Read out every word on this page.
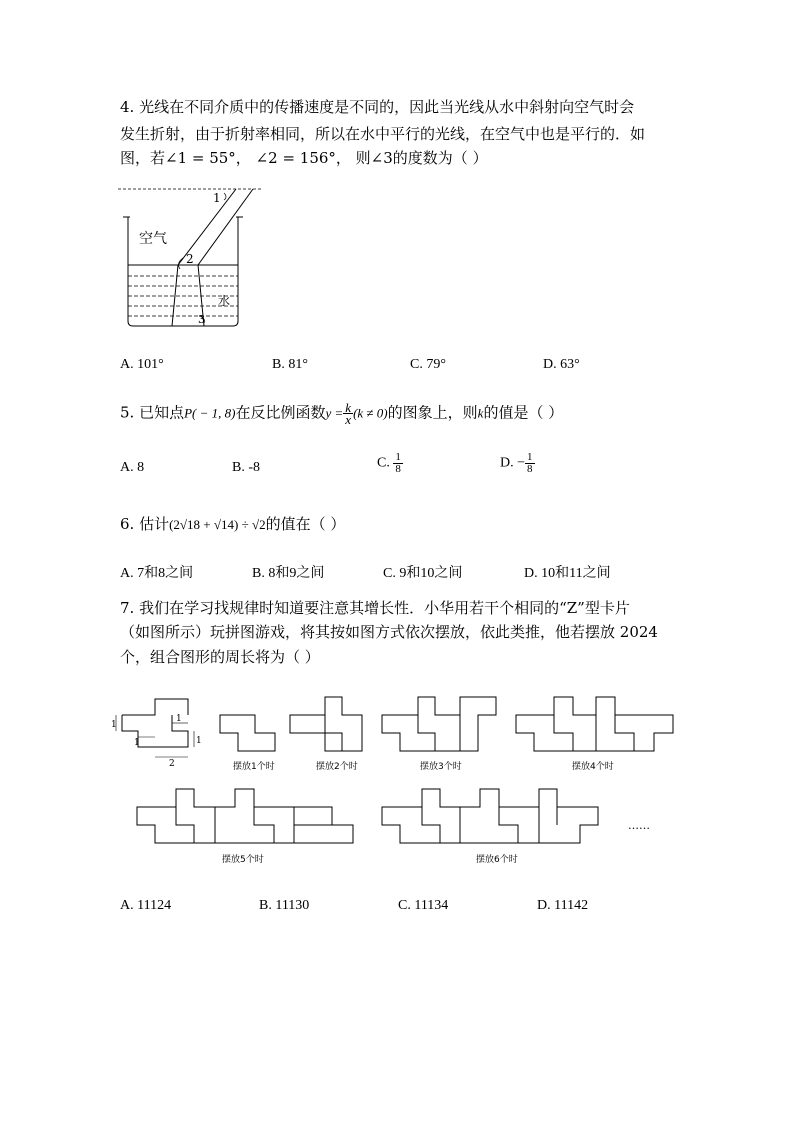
4. 光线在不同介质中的传播速度是不同的，因此当光线从水中斜射向空气时会
发生折射，由于折射率相同，所以在水中平行的光线，在空气中也是平行的．如
图，若∠1 = 55°， ∠2 = 156°， 则∠3的度数为（ ）
空气
水
1
2
3
A. 101°	B. 81°	C. 79°	D. 63°
5. 已知点P( − 1, 8)在反比例函数$y = \frac{k}{x} (k \ne 0)$的图象上，则k的值是（ ）
A. 8	B. -8	C. $\frac{1}{8}$	D. − $\frac{1}{8}$
6. 估计(2√18 + √14) ÷ √2的值在（ ）
A. 7和8之间	B. 8和9之间	C. 9和10之间	D. 10和11之间
7. 我们在学习找规律时知道要注意其增长性．小华用若干个相同的“Z”型卡片
（如图所示）玩拼图游戏，将其按如图方式依次摆放，依此类推，他若摆放 2024
个，组合图形的周长将为（ ）
1
1
1
1
2	摆放1个时	摆放2个时	摆放3个时	摆放4个时
摆放5个时	摆放6个时
……
A. 11124	B. 11130	C. 11134	D. 11142
